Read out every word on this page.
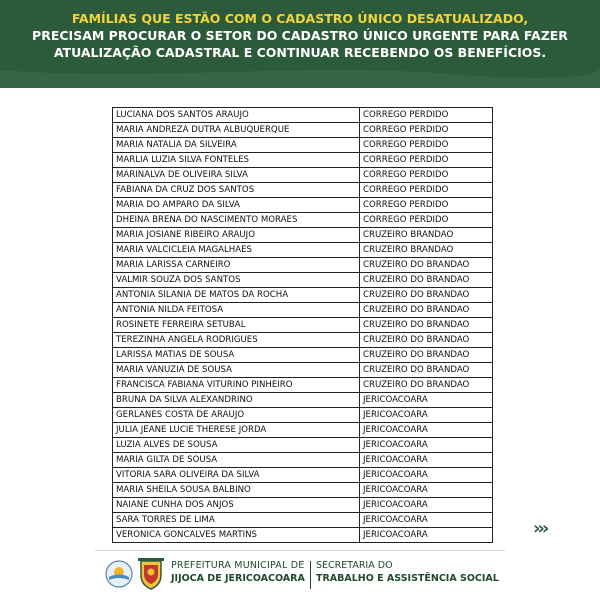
FAMÍLIAS QUE ESTÃO COM O CADASTRO ÚNICO DESATUALIZADO,
PRECISAM PROCURAR O SETOR DO CADASTRO ÚNICO URGENTE PARA FAZER
ATUALIZAÇÃO CADASTRAL E CONTINUAR RECEBENDO OS BENEFÍCIOS.
LUCIANA DOS SANTOS ARAUJO	CORREGO PERDIDO
MARIA ANDREZA DUTRA ALBUQUERQUE	CORREGO PERDIDO
MARIA NATALIA DA SILVEIRA	CORREGO PERDIDO
MARLIA LUZIA SILVA FONTELES	CORREGO PERDIDO
MARINALVA DE OLIVEIRA SILVA	CORREGO PERDIDO
FABIANA DA CRUZ DOS SANTOS	CORREGO PERDIDO
MARIA DO AMPARO DA SILVA	CORREGO PERDIDO
DHEINA BRENA DO NASCIMENTO MORAES	CORREGO PERDIDO
MARIA JOSIANE RIBEIRO ARAUJO	CRUZEIRO BRANDAO
MARIA VALCICLEIA MAGALHAES	CRUZEIRO BRANDAO
MARIA LARISSA CARNEIRO	CRUZEIRO DO BRANDAO
VALMIR SOUZA DOS SANTOS	CRUZEIRO DO BRANDAO
ANTONIA SILANIA DE MATOS DA ROCHA	CRUZEIRO DO BRANDAO
ANTONIA NILDA FEITOSA	CRUZEIRO DO BRANDAO
ROSINETE FERREIRA SETUBAL	CRUZEIRO DO BRANDAO
TEREZINHA ANGELA RODRIGUES	CRUZEIRO DO BRANDAO
LARISSA MATIAS DE SOUSA	CRUZEIRO DO BRANDAO
MARIA VANUZIA DE SOUSA	CRUZEIRO DO BRANDAO
FRANCISCA FABIANA VITURINO PINHEIRO	CRUZEIRO DO BRANDAO
BRUNA DA SILVA ALEXANDRINO	JERICOACOARA
GERLANES COSTA DE ARAUJO	JERICOACOARA
JULIA JEANE LUCIE THERESE JORDA	JERICOACOARA
LUZIA ALVES DE SOUSA	JERICOACOARA
MARIA GILTA DE SOUSA	JERICOACOARA
VITORIA SARA OLIVEIRA DA SILVA	JERICOACOARA
MARIA SHEILA SOUSA BALBINO	JERICOACOARA
NAIANE CUNHA DOS ANJOS	JERICOACOARA
SARA TORRES DE LIMA	JERICOACOARA
VERONICA GONCALVES MARTINS	JERICOACOARA	›››
PREFEITURA MUNICIPAL DE
JIJOCA DE JERICOACOARA
SECRETARIA DO
TRABALHO E ASSISTÊNCIA SOCIAL
